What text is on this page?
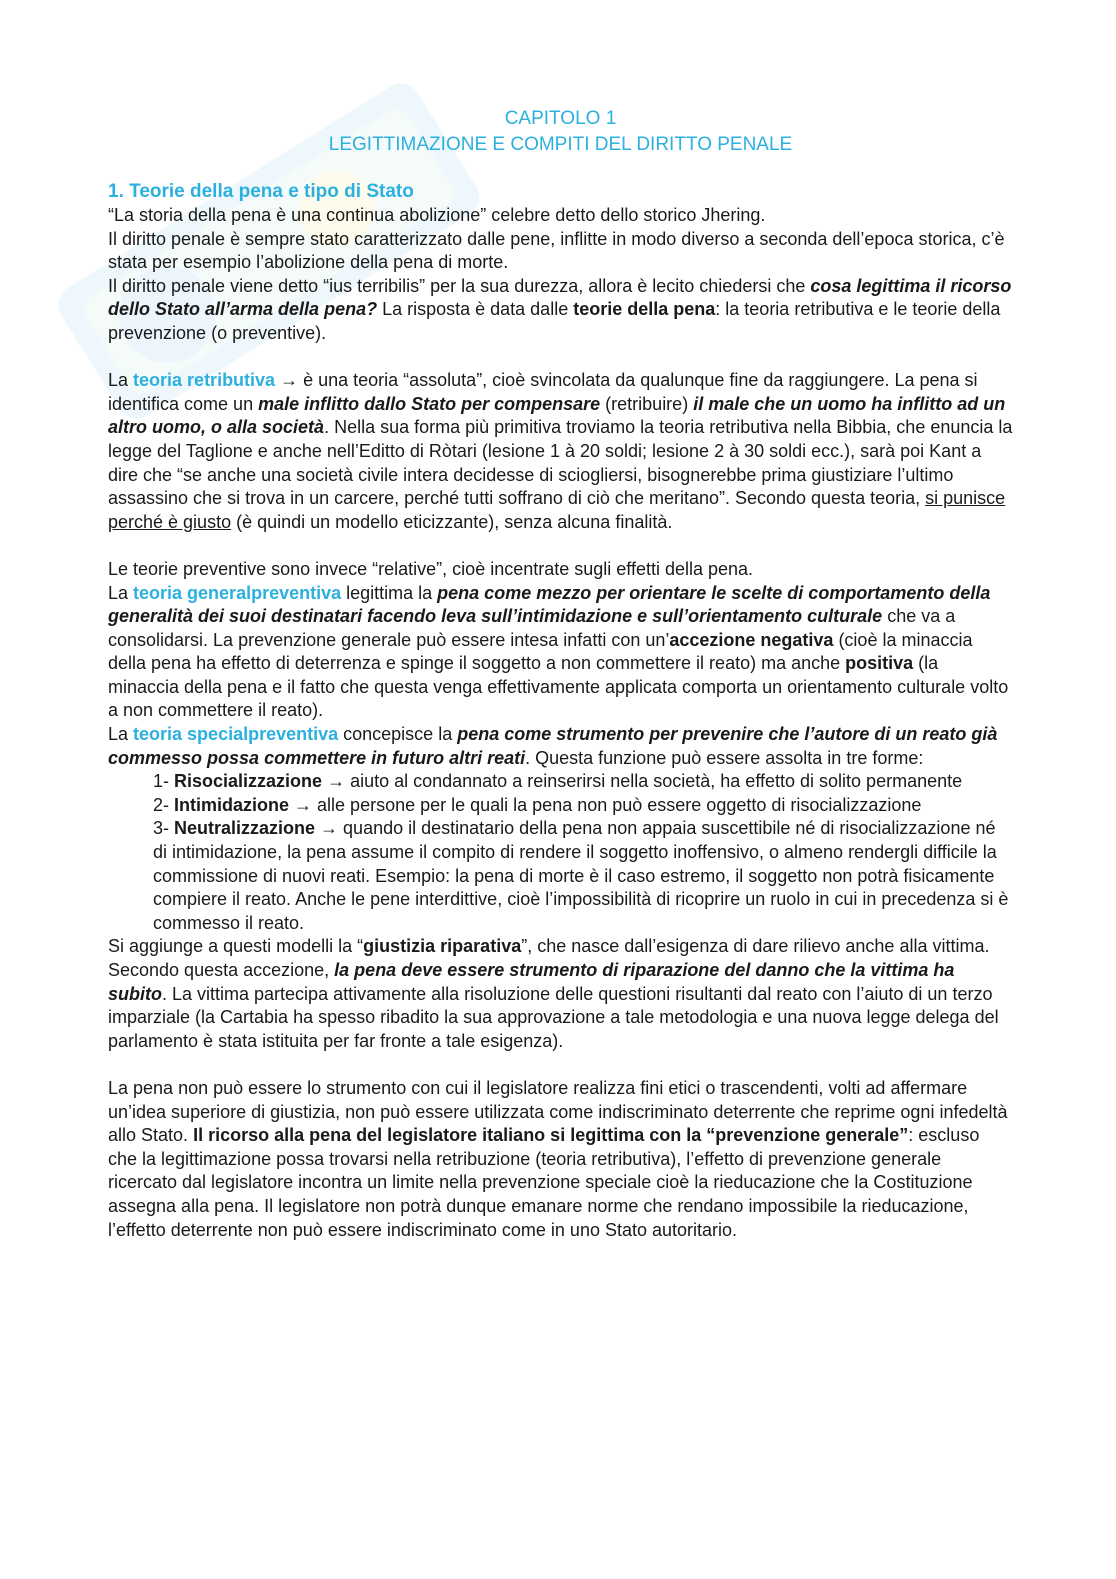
CAPITOLO 1
LEGITTIMAZIONE E COMPITI DEL DIRITTO PENALE
1. Teorie della pena e tipo di Stato

“La storia della pena è una continua abolizione” celebre detto dello storico Jhering.

Il diritto penale è sempre stato caratterizzato dalle pene, inflitte in modo diverso a seconda dell’epoca storica, c’è stata per esempio l’abolizione della pena di morte.

Il diritto penale viene detto “ius terribilis” per la sua durezza, allora è lecito chiedersi che cosa legittima il ricorso dello Stato all’arma della pena? La risposta è data dalle teorie della pena: la teoria retributiva e le teorie della prevenzione (o preventive).

La teoria retributiva → è una teoria “assoluta”, cioè svincolata da qualunque fine da raggiungere. La pena si identifica come un male inflitto dallo Stato per compensare (retribuire) il male che un uomo ha inflitto ad un altro uomo, o alla società. Nella sua forma più primitiva troviamo la teoria retributiva nella Bibbia, che enuncia la legge del Taglione e anche nell’Editto di Ròtari (lesione 1 à 20 soldi; lesione 2 à 30 soldi ecc.), sarà poi Kant a dire che “se anche una società civile intera decidesse di sciogliersi, bisognerebbe prima giustiziare l’ultimo assassino che si trova in un carcere, perché tutti soffrano di ciò che meritano”. Secondo questa teoria, si punisce perché è giusto (è quindi un modello eticizzante), senza alcuna finalità.

Le teorie preventive sono invece “relative”, cioè incentrate sugli effetti della pena.

La teoria generalpreventiva legittima la pena come mezzo per orientare le scelte di comportamento della generalità dei suoi destinatari facendo leva sull’intimidazione e sull’orientamento culturale che va a consolidarsi. La prevenzione generale può essere intesa infatti con un’accezione negativa (cioè la minaccia della pena ha effetto di deterrenza e spinge il soggetto a non commettere il reato) ma anche positiva (la minaccia della pena e il fatto che questa venga effettivamente applicata comporta un orientamento culturale volto a non commettere il reato).

La teoria specialpreventiva concepisce la pena come strumento per prevenire che l’autore di un reato già commesso possa commettere in futuro altri reati. Questa funzione può essere assolta in tre forme:

1- Risocializzazione → aiuto al condannato a reinserirsi nella società, ha effetto di solito permanente

2- Intimidazione → alle persone per le quali la pena non può essere oggetto di risocializzazione

3- Neutralizzazione → quando il destinatario della pena non appaia suscettibile né di risocializzazione né di intimidazione, la pena assume il compito di rendere il soggetto inoffensivo, o almeno rendergli difficile la commissione di nuovi reati. Esempio: la pena di morte è il caso estremo, il soggetto non potrà fisicamente compiere il reato. Anche le pene interdittive, cioè l’impossibilità di ricoprire un ruolo in cui in precedenza si è commesso il reato.

Si aggiunge a questi modelli la “giustizia riparativa”, che nasce dall’esigenza di dare rilievo anche alla vittima. Secondo questa accezione, la pena deve essere strumento di riparazione del danno che la vittima ha subito. La vittima partecipa attivamente alla risoluzione delle questioni risultanti dal reato con l’aiuto di un terzo imparziale (la Cartabia ha spesso ribadito la sua approvazione a tale metodologia e una nuova legge delega del parlamento è stata istituita per far fronte a tale esigenza).

La pena non può essere lo strumento con cui il legislatore realizza fini etici o trascendenti, volti ad affermare un’idea superiore di giustizia, non può essere utilizzata come indiscriminato deterrente che reprime ogni infedeltà allo Stato. Il ricorso alla pena del legislatore italiano si legittima con la “prevenzione generale”: escluso che la legittimazione possa trovarsi nella retribuzione (teoria retributiva), l’effetto di prevenzione generale ricercato dal legislatore incontra un limite nella prevenzione speciale cioè la rieducazione che la Costituzione assegna alla pena. Il legislatore non potrà dunque emanare norme che rendano impossibile la rieducazione, l’effetto deterrente non può essere indiscriminato come in uno Stato autoritario.
